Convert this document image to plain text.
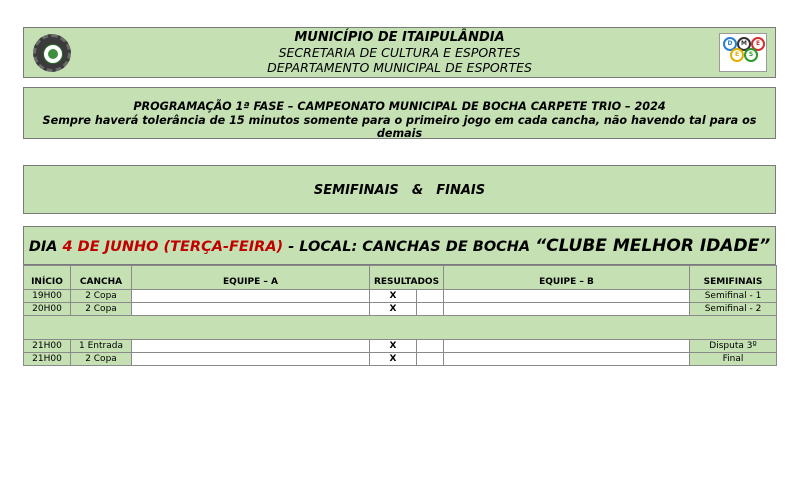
MUNICÍPIO DE ITAIPULÂNDIA
SECRETARIA DE CULTURA E ESPORTES
DEPARTAMENTO MUNICIPAL DE ESPORTES
D	M	E
E	S
PROGRAMAÇÃO 1ª FASE – CAMPEONATO MUNICIPAL DE BOCHA CARPETE TRIO – 2024
Sempre haverá tolerância de 15 minutos somente para o primeiro jogo em cada cancha, não havendo tal para os demais
SEMIFINAIS  &  FINAIS
DIA 4 DE JUNHO (TERÇA-FEIRA) - LOCAL: CANCHAS DE BOCHA “CLUBE MELHOR IDADE”
INÍCIO	CANCHA	EQUIPE – A	RESULTADOS		EQUIPE – B	SEMIFINAIS
19H00	2 Copa		X			Semifinal - 1
20H00	2 Copa		X			Semifinal - 2

21H00	1 Entrada		X			Disputa 3º
21H00	2 Copa		X			Final
